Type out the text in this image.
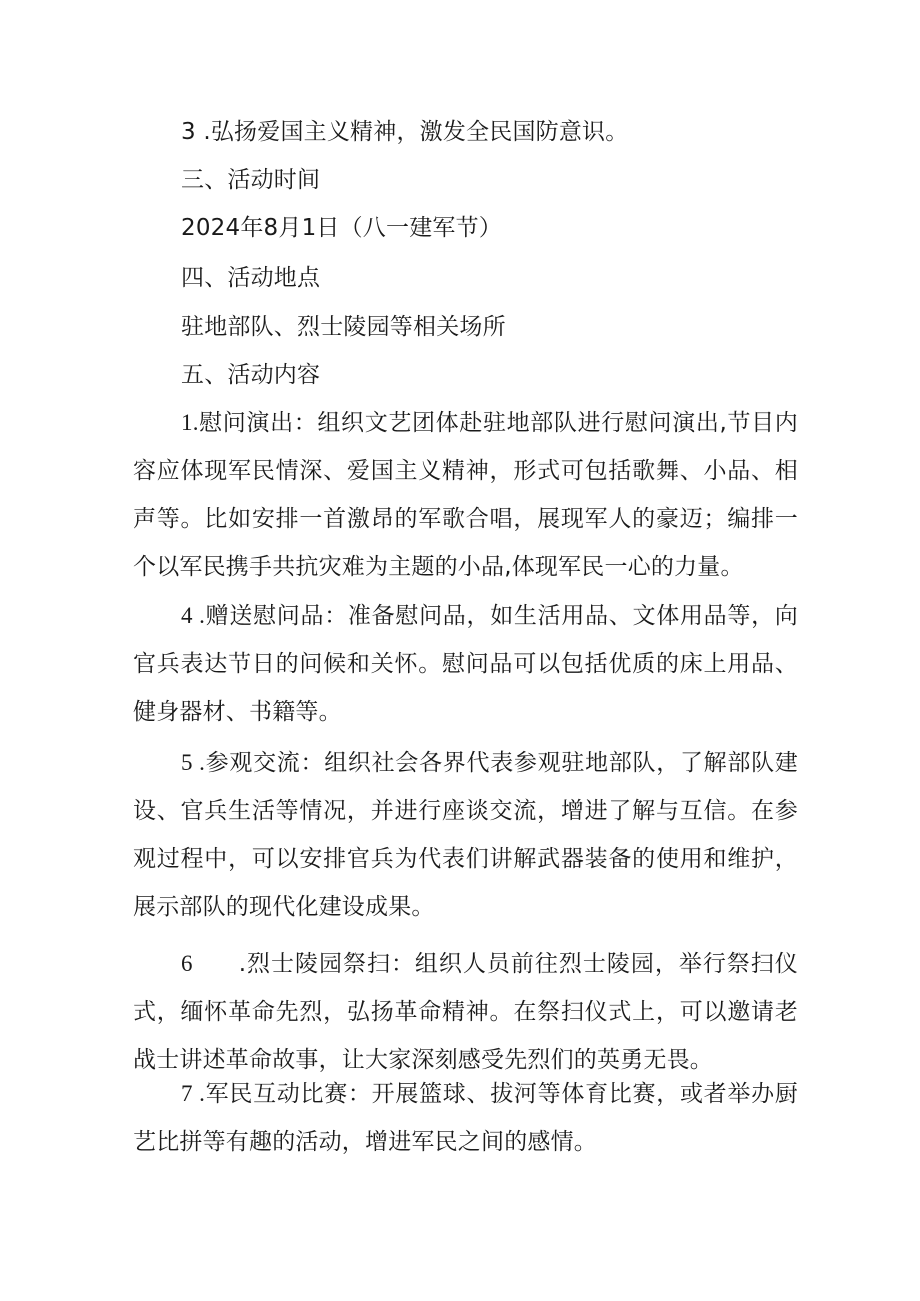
3 .弘扬爱国主义精神，激发全民国防意识。
三、活动时间
2024年8月1日（八一建军节）
四、活动地点
驻地部队、烈士陵园等相关场所
五、活动内容

1.慰问演出：组织文艺团体赴驻地部队进行慰问演出,节目内容应体现军民情深、爱国主义精神，形式可包括歌舞、小品、相声等。比如安排一首激昂的军歌合唱，展现军人的豪迈；编排一个以军民携手共抗灾难为主题的小品,体现军民一心的力量。

4 .赠送慰问品：准备慰问品，如生活用品、文体用品等，向官兵表达节日的问候和关怀。慰问品可以包括优质的床上用品、健身器材、书籍等。

5 .参观交流：组织社会各界代表参观驻地部队，了解部队建设、官兵生活等情况，并进行座谈交流，增进了解与互信。在参观过程中，可以安排官兵为代表们讲解武器装备的使用和维护，展示部队的现代化建设成果。

6 .烈士陵园祭扫：组织人员前往烈士陵园，举行祭扫仪式，缅怀革命先烈，弘扬革命精神。在祭扫仪式上，可以邀请老战士讲述革命故事，让大家深刻感受先烈们的英勇无畏。

7 .军民互动比赛：开展篮球、拔河等体育比赛，或者举办厨艺比拼等有趣的活动，增进军民之间的感情。
